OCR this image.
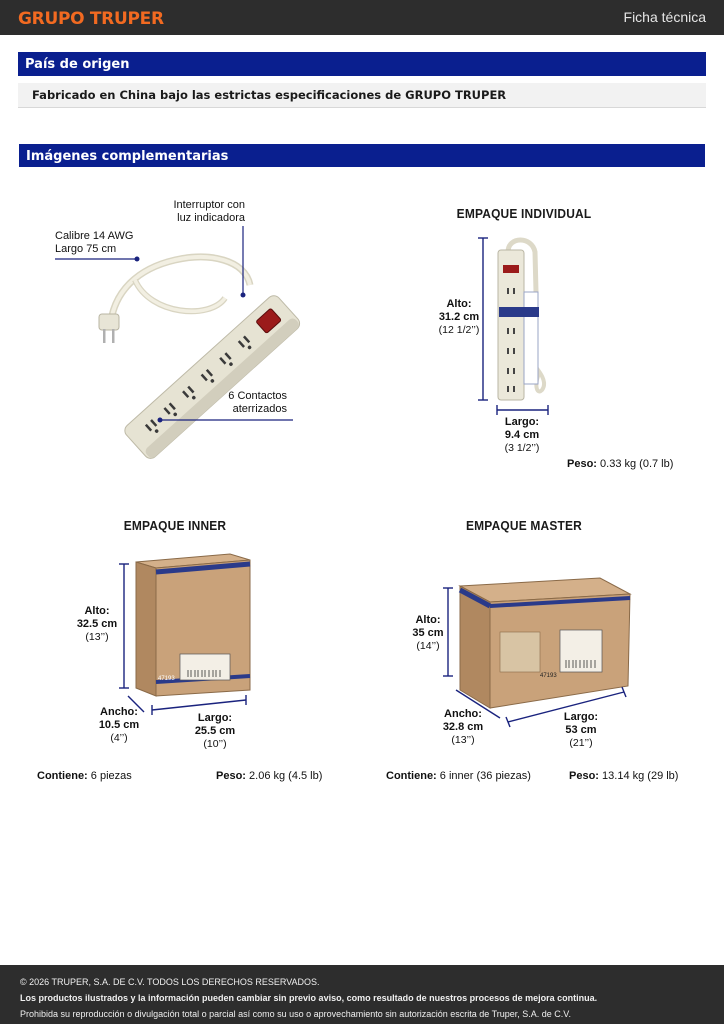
GRUPO TRUPER	Ficha técnica
País de origen
Fabricado en China bajo las estrictas especificaciones de GRUPO TRUPER
Imágenes complementarias
Interruptor con
luz indicadora
Calibre 14 AWG
Largo 75 cm
6 Contactos
aterrizados
EMPAQUE INDIVIDUAL
Alto:
31.2 cm
(12 1/2’’)
Largo:
9.4 cm
(3 1/2’’)
Peso: 0.33 kg (0.7 lb)
EMPAQUE INNER
47193
Alto:
32.5 cm
(13’’)
Ancho:
10.5 cm
(4’’)
Largo:
25.5 cm
(10’’)
Contiene: 6 piezas	Peso: 2.06 kg (4.5 lb)
EMPAQUE MASTER
47193
Alto:
35 cm
(14’’)
Ancho:
32.8 cm
(13’’)
Largo:
53 cm
(21’’)
Contiene: 6 inner (36 piezas)	Peso: 13.14 kg (29 lb)
© 2026 TRUPER, S.A. DE C.V. TODOS LOS DERECHOS RESERVADOS.
Los productos ilustrados y la información pueden cambiar sin previo aviso, como resultado de nuestros procesos de mejora continua.
Prohibida su reproducción o divulgación total o parcial así como su uso o aprovechamiento sin autorización escrita de Truper, S.A. de C.V.
